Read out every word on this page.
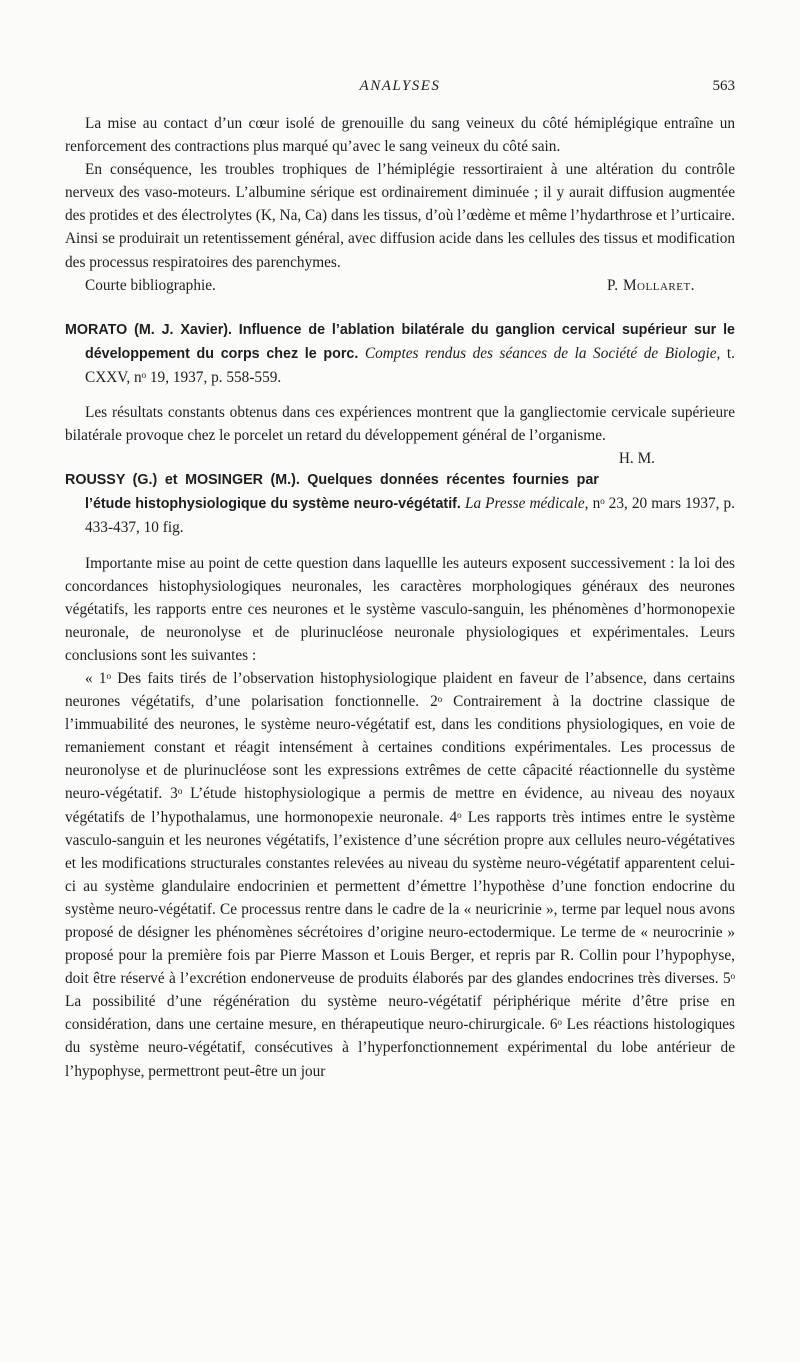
ANALYSES	563

La mise au contact d’un cœur isolé de grenouille du sang veineux du côté hémiplégique entraîne un renforcement des contractions plus marqué qu’avec le sang veineux du côté sain.

En conséquence, les troubles trophiques de l’hémiplégie ressortiraient à une altération du contrôle nerveux des vaso-moteurs. L’albumine sérique est ordinairement diminuée ; il y aurait diffusion augmentée des protides et des électrolytes (K, Na, Ca) dans les tissus, d’où l’œdème et même l’hydarthrose et l’urticaire. Ainsi se produirait un retentissement général, avec diffusion acide dans les cellules des tissus et modification des processus respiratoires des parenchymes.

Courte bibliographie.	P. Mollaret.

MORATO (M. J. Xavier). Influence de l’ablation bilatérale du ganglion cervical supérieur sur le développement du corps chez le porc. Comptes rendus des séances de la Société de Biologie, t. CXXV, nᵒ 19, 1937, p. 558-559.

Les résultats constants obtenus dans ces expériences montrent que la gangliectomie cervicale supérieure bilatérale provoque chez le porcelet un retard du développement général de l’organisme.
H. M.

ROUSSY (G.) et MOSINGER (M.). Quelques données récentes fournies par l’étude histophysiologique du système neuro-végétatif. La Presse médicale, nᵒ 23, 20 mars 1937, p. 433-437, 10 fig.

Importante mise au point de cette question dans laquellle les auteurs exposent successivement : la loi des concordances histophysiologiques neuronales, les caractères morphologiques généraux des neurones végétatifs, les rapports entre ces neurones et le système vasculo-sanguin, les phénomènes d’hormonopexie neuronale, de neuronolyse et de plurinucléose neuronale physiologiques et expérimentales. Leurs conclusions sont les suivantes :

« 1ᵒ Des faits tirés de l’observation histophysiologique plaident en faveur de l’absence, dans certains neurones végétatifs, d’une polarisation fonctionnelle. 2ᵒ Contrairement à la doctrine classique de l’immuabilité des neurones, le système neuro-végétatif est, dans les conditions physiologiques, en voie de remaniement constant et réagit intensément à certaines conditions expérimentales. Les processus de neuronolyse et de plurinucléose sont les expressions extrêmes de cette câpacité réactionnelle du système neuro-végétatif. 3ᵒ L’étude histophysiologique a permis de mettre en évidence, au niveau des noyaux végétatifs de l’hypothalamus, une hormonopexie neuronale. 4ᵒ Les rapports très intimes entre le système vasculo-sanguin et les neurones végétatifs, l’existence d’une sécrétion propre aux cellules neuro-végétatives et les modifications structurales constantes relevées au niveau du système neuro-végétatif apparentent celui-ci au système glandulaire endocrinien et permettent d’émettre l’hypothèse d’une fonction endocrine du système neuro-végétatif. Ce processus rentre dans le cadre de la « neuricrinie », terme par lequel nous avons proposé de désigner les phénomènes sécrétoires d’origine neuro-ectodermique. Le terme de « neurocrinie » proposé pour la première fois par Pierre Masson et Louis Berger, et repris par R. Collin pour l’hypophyse, doit être réservé à l’excrétion endonerveuse de produits élaborés par des glandes endocrines très diverses. 5ᵒ La possibilité d’une régénération du système neuro-végétatif périphérique mérite d’être prise en considération, dans une certaine mesure, en thérapeutique neuro-chirurgicale. 6ᵒ Les réactions histologiques du système neuro-végétatif, consécutives à l’hyperfonctionnement expérimental du lobe antérieur de l’hypophyse, permettront peut-être un jour
